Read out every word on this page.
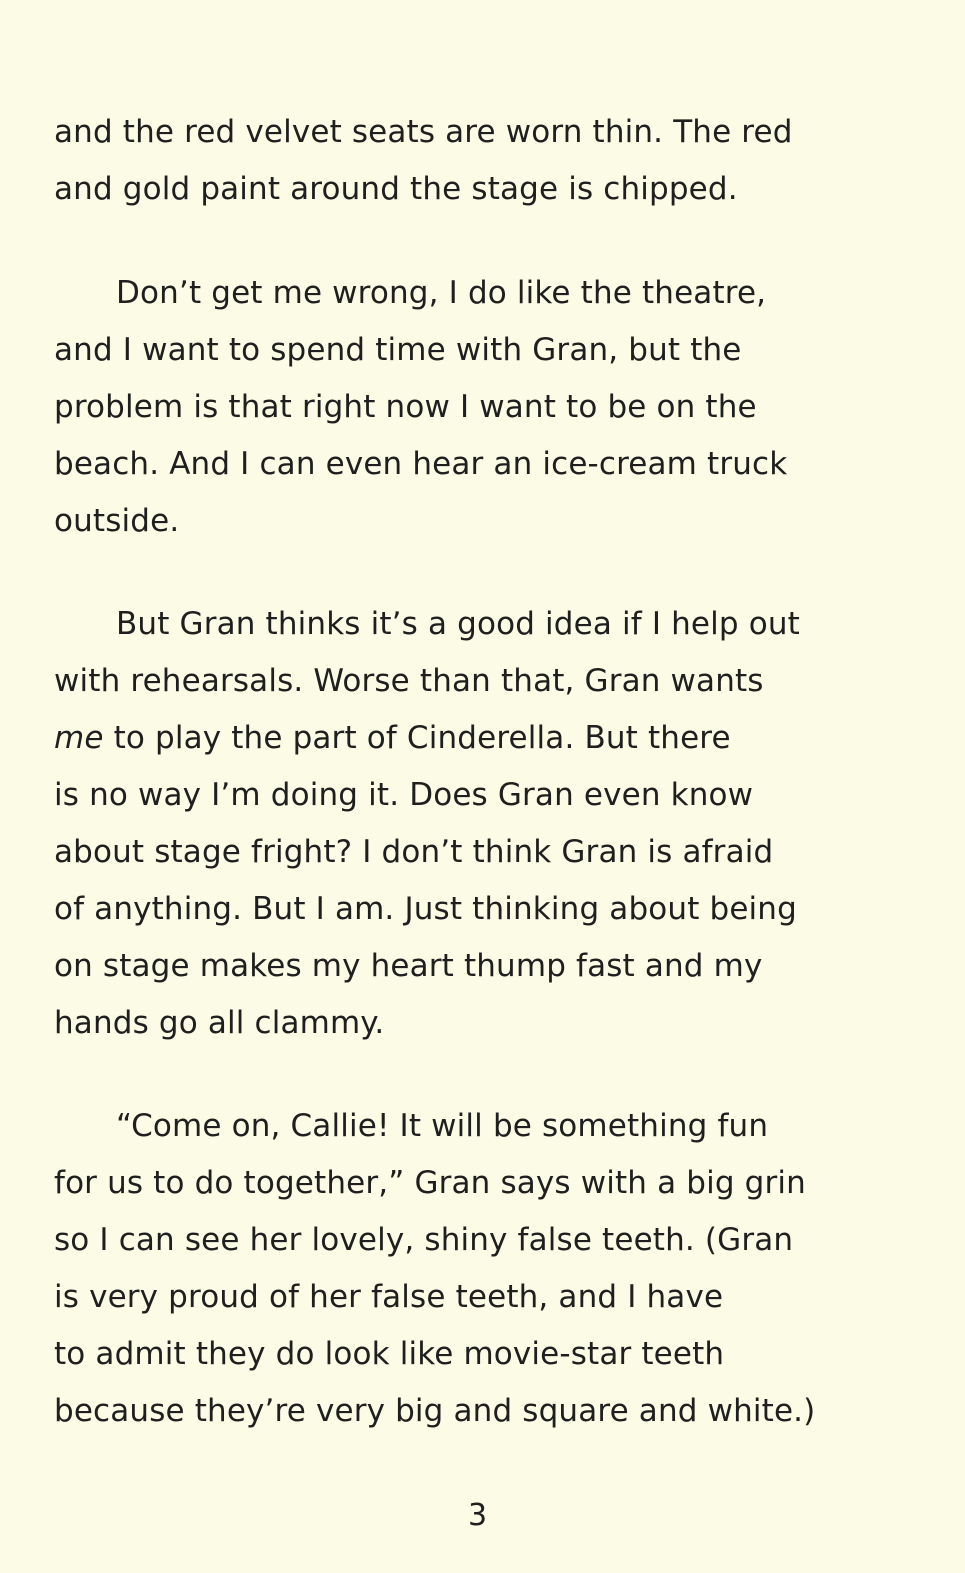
and the red velvet seats are worn thin. The red
and gold paint around the stage is chipped.
Don’t get me wrong, I do like the theatre,
and I want to spend time with Gran, but the
problem is that right now I want to be on the
beach. And I can even hear an ice-cream truck
outside.
But Gran thinks it’s a good idea if I help out
with rehearsals. Worse than that, Gran wants
me to play the part of Cinderella. But there
is no way I’m doing it. Does Gran even know
about stage fright? I don’t think Gran is afraid
of anything. But I am. Just thinking about being
on stage makes my heart thump fast and my
hands go all clammy.
“Come on, Callie! It will be something fun
for us to do together,” Gran says with a big grin
so I can see her lovely, shiny false teeth. (Gran
is very proud of her false teeth, and I have
to admit they do look like movie-star teeth
because they’re very big and square and white.)
3
